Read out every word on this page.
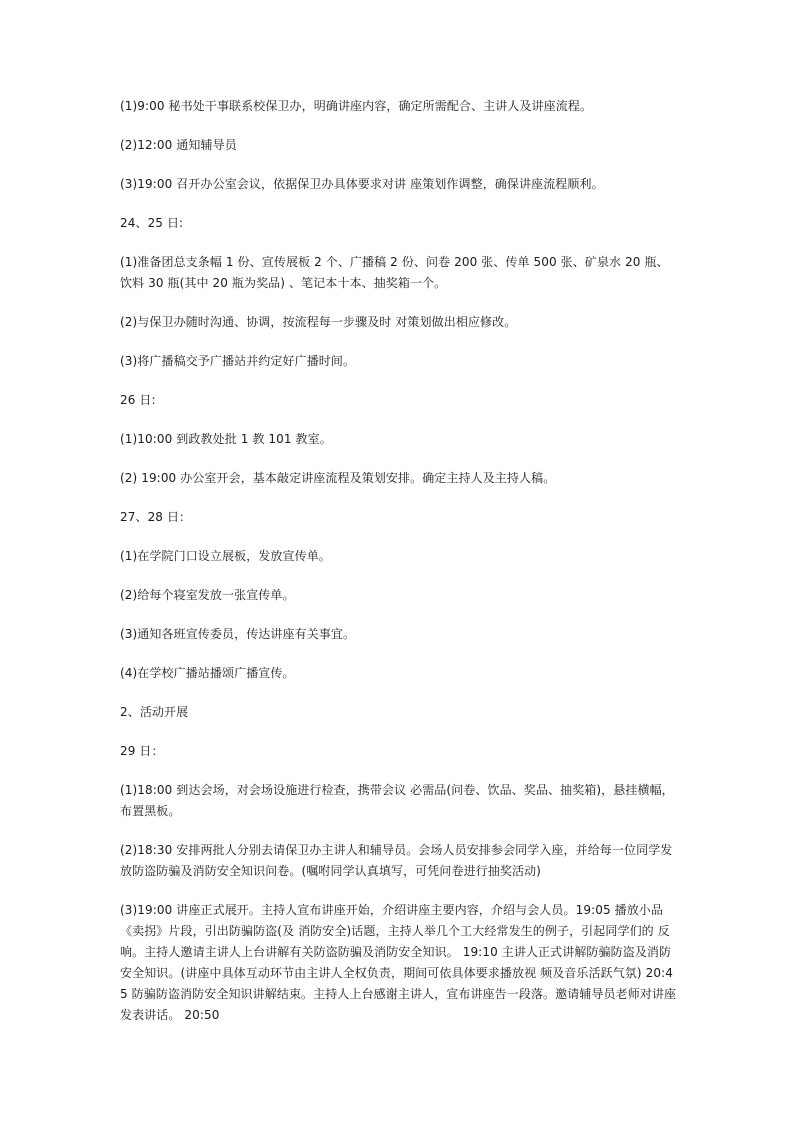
(1)9:00 秘书处干事联系校保卫办，明确讲座内容，确定所需配合、主讲人及讲座流程。

(2)12:00 通知辅导员

(3)19:00 召开办公室会议，依据保卫办具体要求对讲 座策划作调整，确保讲座流程顺利。

24、25 日:

(1)准备团总支条幅 1 份、宣传展板 2 个、广播稿 2 份、问卷 200 张、传单 500 张、矿泉水 20 瓶、饮料 30 瓶(其中 20 瓶为奖品) 、笔记本十本、抽奖箱一个。

(2)与保卫办随时沟通、协调，按流程每一步骤及时 对策划做出相应修改。

(3)将广播稿交予广播站并约定好广播时间。

26 日:

(1)10:00 到政教处批 1 教 101 教室。

(2) 19:00 办公室开会，基本敲定讲座流程及策划安排。确定主持人及主持人稿。

27、28 日：

(1)在学院门口设立展板，发放宣传单。

(2)给每个寝室发放一张宣传单。

(3)通知各班宣传委员，传达讲座有关事宜。

(4)在学校广播站播颂广播宣传。

2、活动开展

29 日：

(1)18:00 到达会场，对会场设施进行检查，携带会议 必需品(问卷、饮品、奖品、抽奖箱)，悬挂横幅，布置黑板。

(2)18:30 安排两批人分别去请保卫办主讲人和辅导员。会场人员安排参会同学入座，并给每一位同学发放防盗防骗及消防安全知识问卷。(嘱咐同学认真填写，可凭问卷进行抽奖活动)

(3)19:00 讲座正式展开。主持人宣布讲座开始，介绍讲座主要内容，介绍与会人员。19:05 播放小品《卖拐》片段，引出防骗防盗(及 消防安全)话题，主持人举几个工大经常发生的例子，引起同学们的 反响。主持人邀请主讲人上台讲解有关防盗防骗及消防安全知识。 19:10 主讲人正式讲解防骗防盗及消防安全知识。(讲座中具体互动环节由主讲人全权负责，期间可依具体要求播放视 频及音乐活跃气氛) 20:45 防骗防盗消防安全知识讲解结束。主持人上台感谢主讲人，宣布讲座告一段落。邀请辅导员老师对讲座发表讲话。 20:50
